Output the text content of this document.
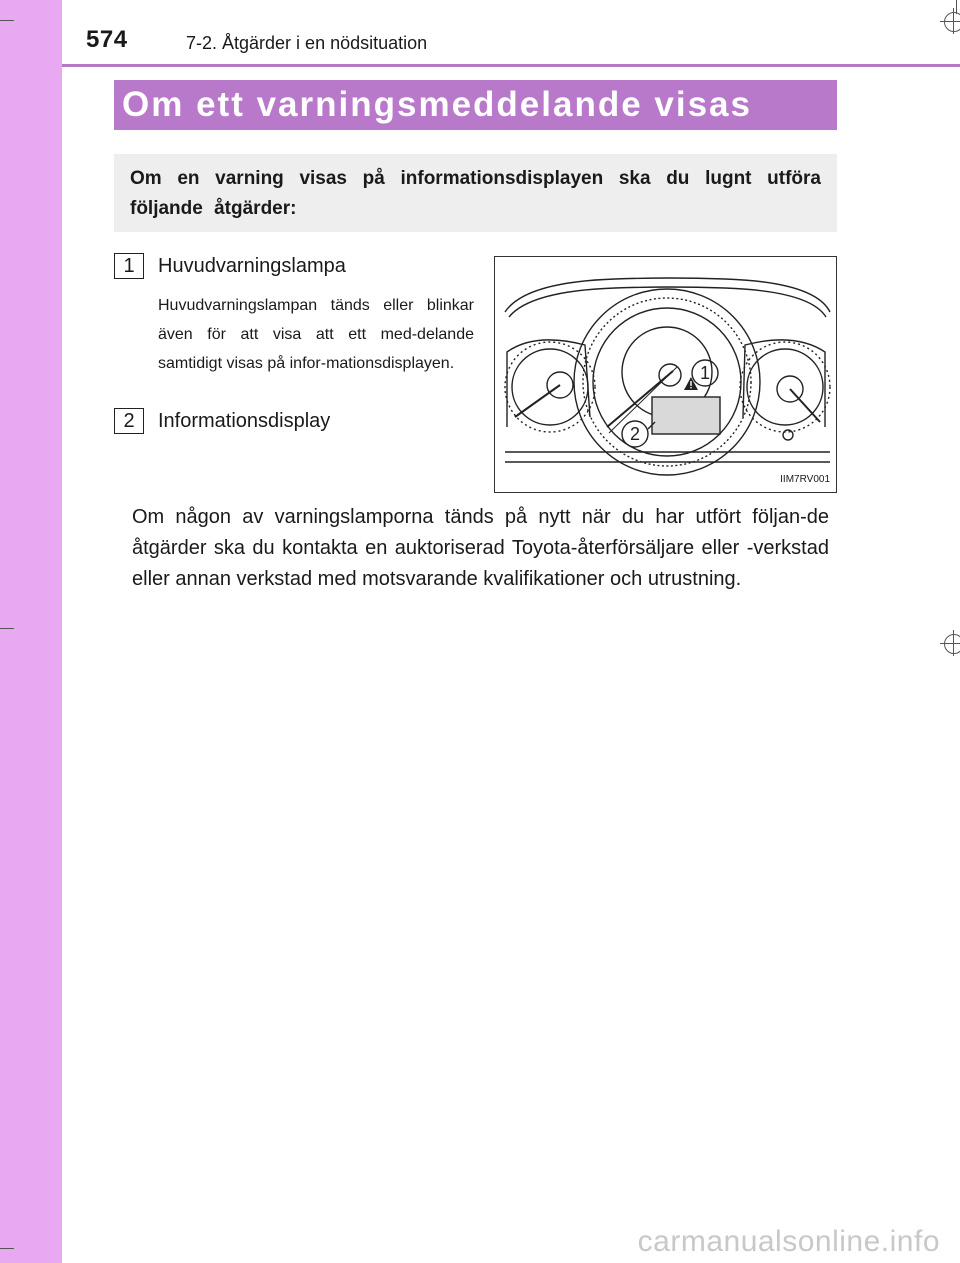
574	7-2. Åtgärder i en nödsituation
Om ett varningsmeddelande visas
Om en varning visas på informationsdisplayen ska du lugnt utföra följande åtgärder:
1	Huvudvarningslampa
Huvudvarningslampan tänds eller blinkar även för att visa att ett med-delande samtidigt visas på infor-mationsdisplayen.
2	Informationsdisplay
1
2
IIM7RV001
Om någon av varningslamporna tänds på nytt när du har utfört följan-de åtgärder ska du kontakta en auktoriserad Toyota-återförsäljare eller -verkstad eller annan verkstad med motsvarande kvalifikationer och utrustning.
carmanualsonline.info
